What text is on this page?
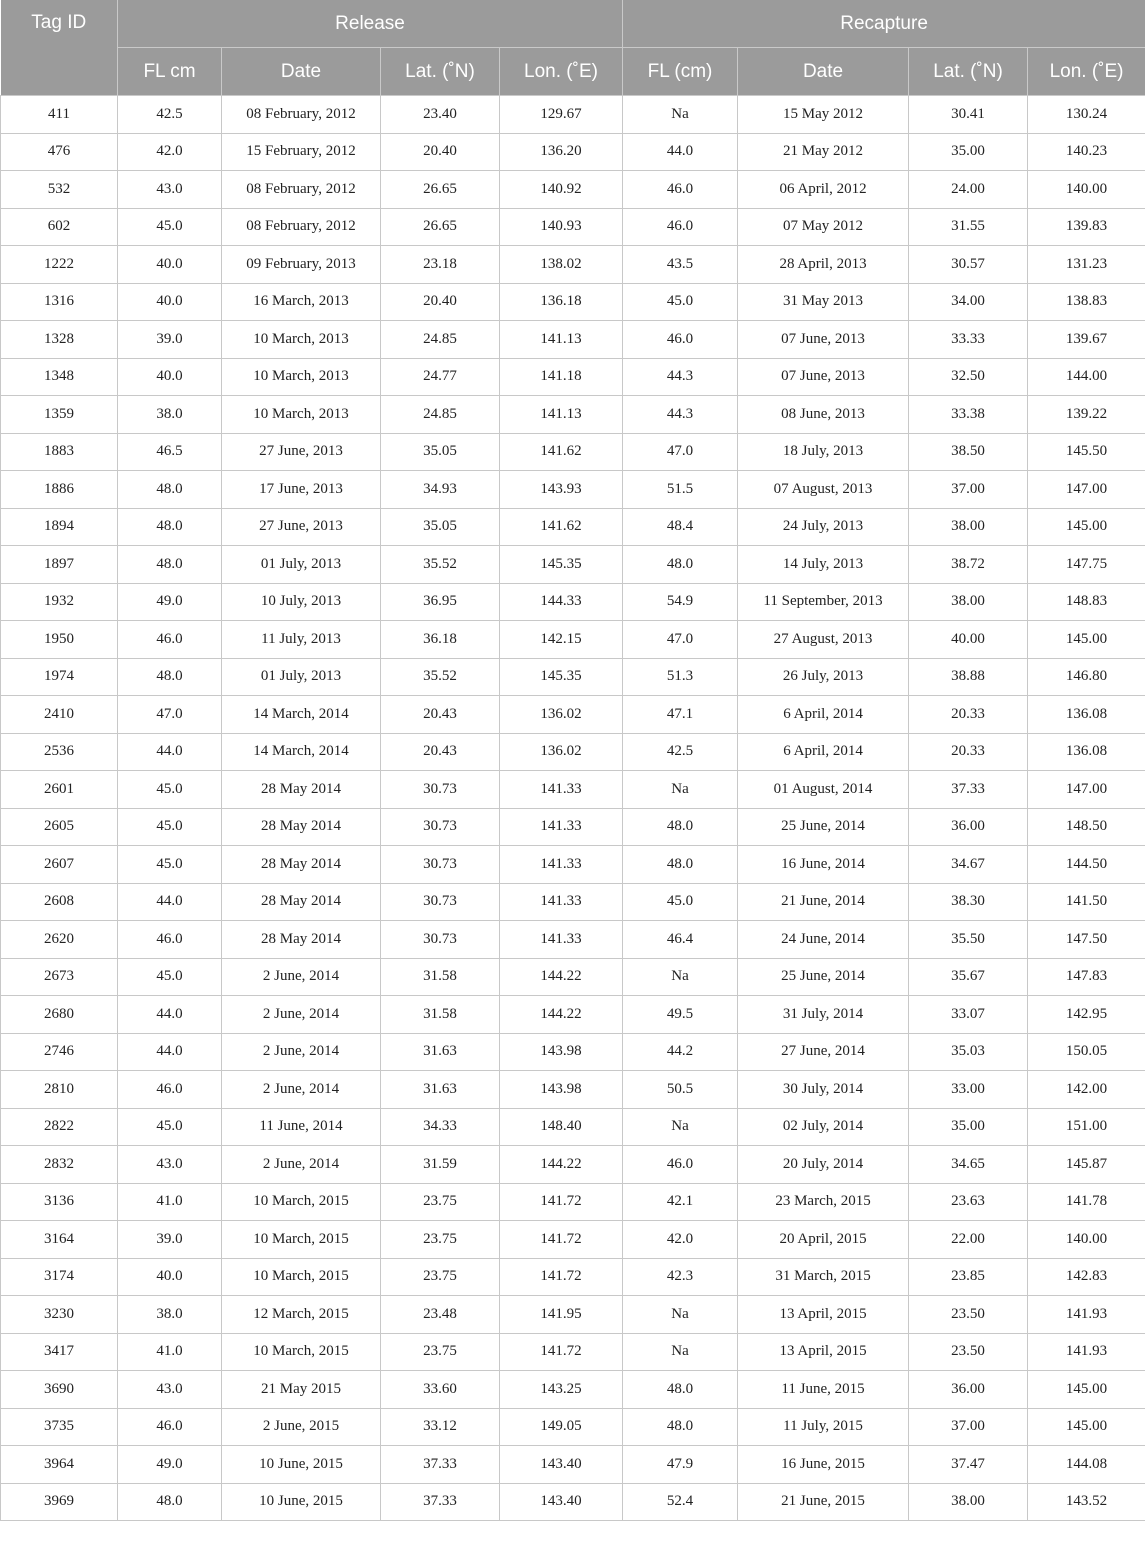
Tag ID	Release				Recapture			
	FL cm	Date	Lat. (˚N)	Lon. (˚E)	FL (cm)	Date	Lat. (˚N)	Lon. (˚E)
411	42.5	08 February, 2012	23.40	129.67	Na	15 May 2012	30.41	130.24
476	42.0	15 February, 2012	20.40	136.20	44.0	21 May 2012	35.00	140.23
532	43.0	08 February, 2012	26.65	140.92	46.0	06 April, 2012	24.00	140.00
602	45.0	08 February, 2012	26.65	140.93	46.0	07 May 2012	31.55	139.83
1222	40.0	09 February, 2013	23.18	138.02	43.5	28 April, 2013	30.57	131.23
1316	40.0	16 March, 2013	20.40	136.18	45.0	31 May 2013	34.00	138.83
1328	39.0	10 March, 2013	24.85	141.13	46.0	07 June, 2013	33.33	139.67
1348	40.0	10 March, 2013	24.77	141.18	44.3	07 June, 2013	32.50	144.00
1359	38.0	10 March, 2013	24.85	141.13	44.3	08 June, 2013	33.38	139.22
1883	46.5	27 June, 2013	35.05	141.62	47.0	18 July, 2013	38.50	145.50
1886	48.0	17 June, 2013	34.93	143.93	51.5	07 August, 2013	37.00	147.00
1894	48.0	27 June, 2013	35.05	141.62	48.4	24 July, 2013	38.00	145.00
1897	48.0	01 July, 2013	35.52	145.35	48.0	14 July, 2013	38.72	147.75
1932	49.0	10 July, 2013	36.95	144.33	54.9	11 September, 2013	38.00	148.83
1950	46.0	11 July, 2013	36.18	142.15	47.0	27 August, 2013	40.00	145.00
1974	48.0	01 July, 2013	35.52	145.35	51.3	26 July, 2013	38.88	146.80
2410	47.0	14 March, 2014	20.43	136.02	47.1	6 April, 2014	20.33	136.08
2536	44.0	14 March, 2014	20.43	136.02	42.5	6 April, 2014	20.33	136.08
2601	45.0	28 May 2014	30.73	141.33	Na	01 August, 2014	37.33	147.00
2605	45.0	28 May 2014	30.73	141.33	48.0	25 June, 2014	36.00	148.50
2607	45.0	28 May 2014	30.73	141.33	48.0	16 June, 2014	34.67	144.50
2608	44.0	28 May 2014	30.73	141.33	45.0	21 June, 2014	38.30	141.50
2620	46.0	28 May 2014	30.73	141.33	46.4	24 June, 2014	35.50	147.50
2673	45.0	2 June, 2014	31.58	144.22	Na	25 June, 2014	35.67	147.83
2680	44.0	2 June, 2014	31.58	144.22	49.5	31 July, 2014	33.07	142.95
2746	44.0	2 June, 2014	31.63	143.98	44.2	27 June, 2014	35.03	150.05
2810	46.0	2 June, 2014	31.63	143.98	50.5	30 July, 2014	33.00	142.00
2822	45.0	11 June, 2014	34.33	148.40	Na	02 July, 2014	35.00	151.00
2832	43.0	2 June, 2014	31.59	144.22	46.0	20 July, 2014	34.65	145.87
3136	41.0	10 March, 2015	23.75	141.72	42.1	23 March, 2015	23.63	141.78
3164	39.0	10 March, 2015	23.75	141.72	42.0	20 April, 2015	22.00	140.00
3174	40.0	10 March, 2015	23.75	141.72	42.3	31 March, 2015	23.85	142.83
3230	38.0	12 March, 2015	23.48	141.95	Na	13 April, 2015	23.50	141.93
3417	41.0	10 March, 2015	23.75	141.72	Na	13 April, 2015	23.50	141.93
3690	43.0	21 May 2015	33.60	143.25	48.0	11 June, 2015	36.00	145.00
3735	46.0	2 June, 2015	33.12	149.05	48.0	11 July, 2015	37.00	145.00
3964	49.0	10 June, 2015	37.33	143.40	47.9	16 June, 2015	37.47	144.08
3969	48.0	10 June, 2015	37.33	143.40	52.4	21 June, 2015	38.00	143.52
